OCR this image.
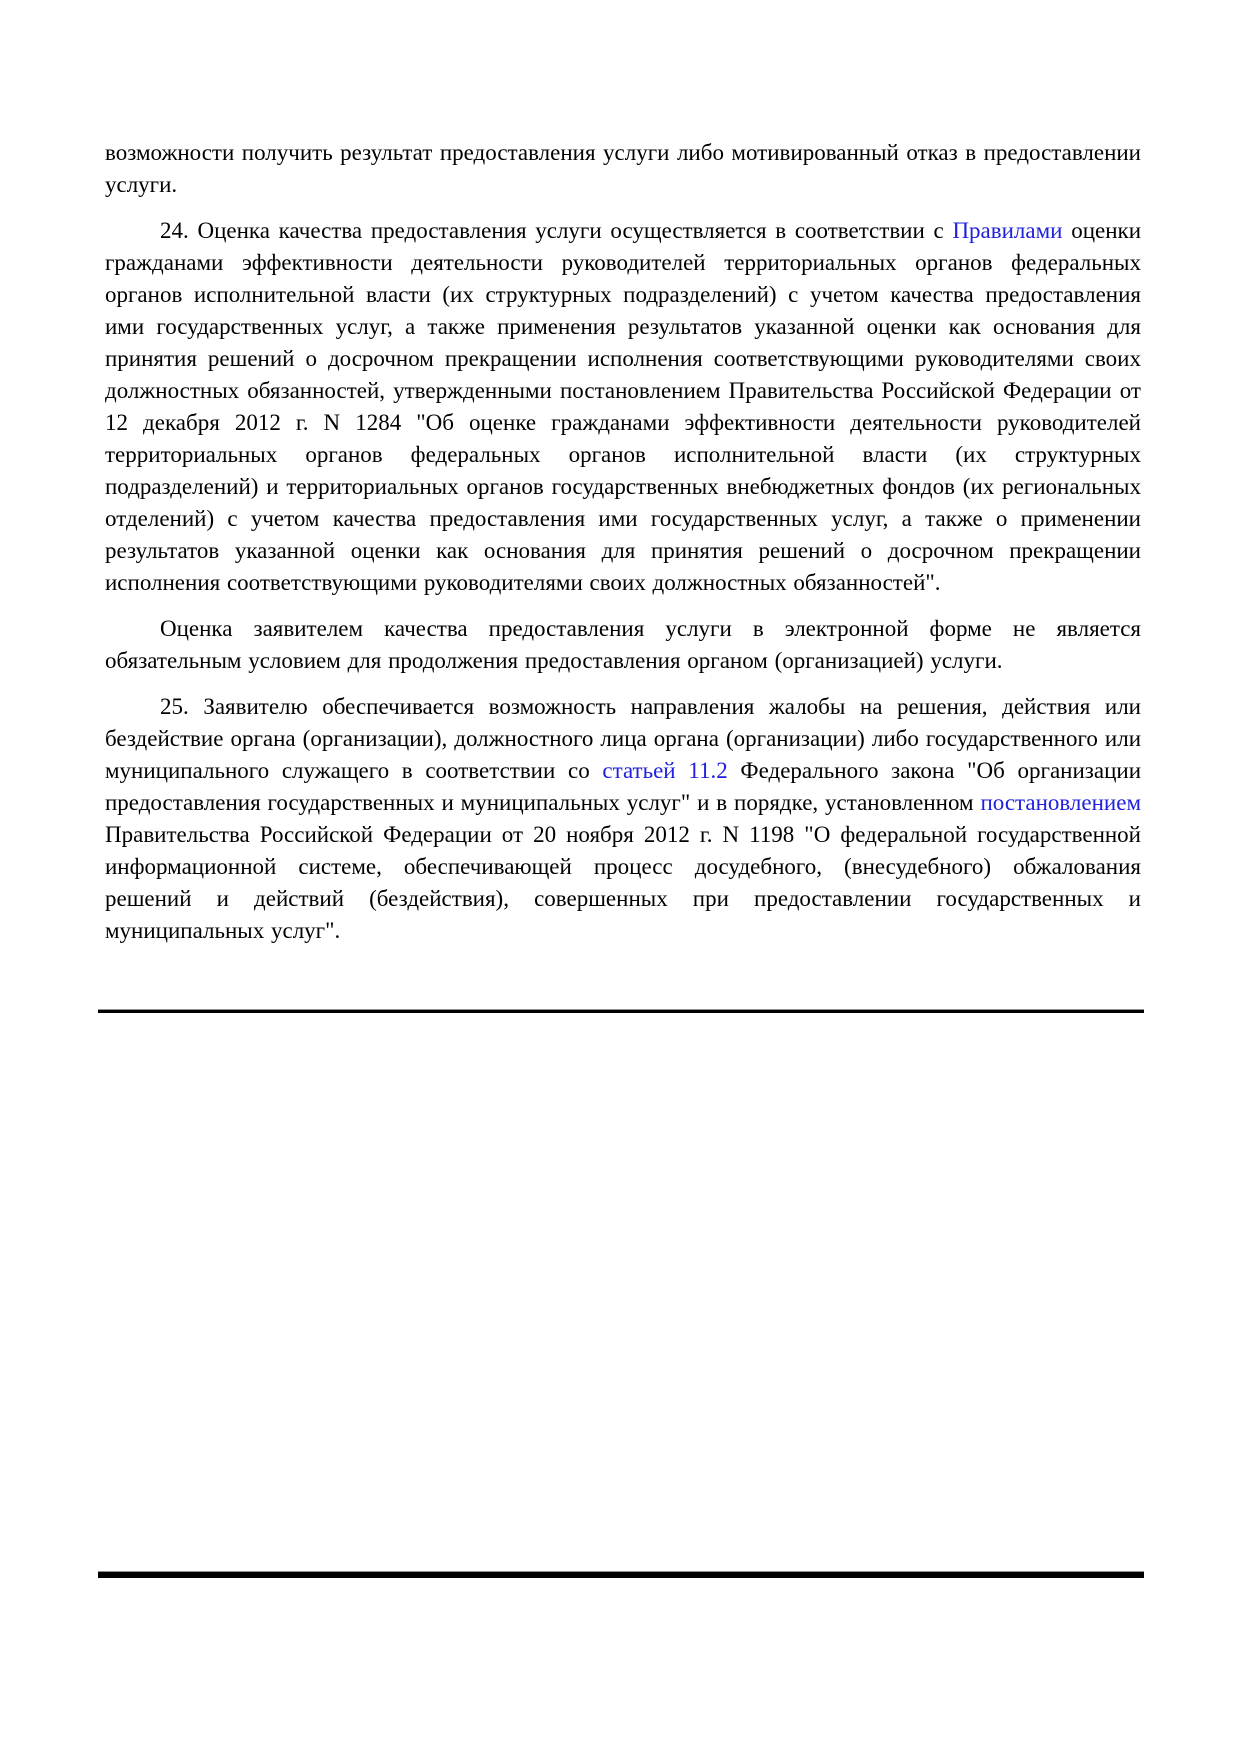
возможности получить результат предоставления услуги либо мотивированный отказ в предоставлении услуги.

24. Оценка качества предоставления услуги осуществляется в соответствии с Правилами оценки гражданами эффективности деятельности руководителей территориальных органов федеральных органов исполнительной власти (их структурных подразделений) с учетом качества предоставления ими государственных услуг, а также применения результатов указанной оценки как основания для принятия решений о досрочном прекращении исполнения соответствующими руководителями своих должностных обязанностей, утвержденными постановлением Правительства Российской Федерации от 12 декабря 2012 г. N 1284 "Об оценке гражданами эффективности деятельности руководителей территориальных органов федеральных органов исполнительной власти (их структурных подразделений) и территориальных органов государственных внебюджетных фондов (их региональных отделений) с учетом качества предоставления ими государственных услуг, а также о применении результатов указанной оценки как основания для принятия решений о досрочном прекращении исполнения соответствующими руководителями своих должностных обязанностей".

Оценка заявителем качества предоставления услуги в электронной форме не является обязательным условием для продолжения предоставления органом (организацией) услуги.

25. Заявителю обеспечивается возможность направления жалобы на решения, действия или бездействие органа (организации), должностного лица органа (организации) либо государственного или муниципального служащего в соответствии со статьей 11.2 Федерального закона "Об организации предоставления государственных и муниципальных услуг" и в порядке, установленном постановлением Правительства Российской Федерации от 20 ноября 2012 г. N 1198 "О федеральной государственной информационной системе, обеспечивающей процесс досудебного, (внесудебного) обжалования решений и действий (бездействия), совершенных при предоставлении государственных и муниципальных услуг".
